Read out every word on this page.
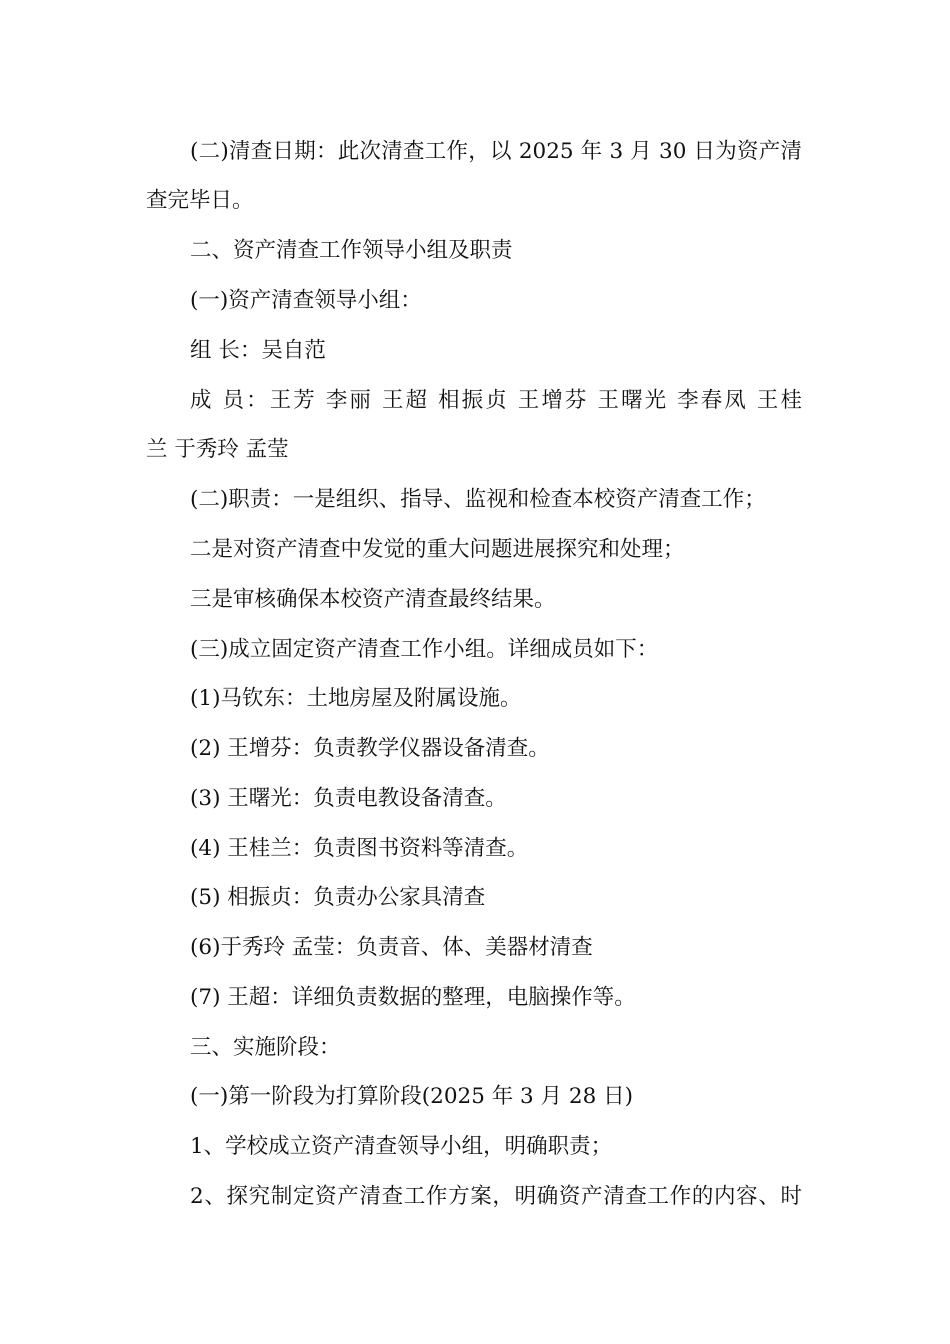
(二)清查日期：此次清查工作，以 2025 年 3 月 30 日为资产清
查完毕日。
二、资产清查工作领导小组及职责
(一)资产清查领导小组：
组 长：吴自范
成 员：王芳 李丽 王超 相振贞 王增芬 王曙光 李春凤 王桂
兰 于秀玲 孟莹
(二)职责：一是组织、指导、监视和检查本校资产清查工作；
二是对资产清查中发觉的重大问题进展探究和处理；
三是审核确保本校资产清查最终结果。
(三)成立固定资产清查工作小组。详细成员如下：
(1)马钦东：土地房屋及附属设施。
(2) 王增芬：负责教学仪器设备清查。
(3) 王曙光：负责电教设备清查。
(4) 王桂兰：负责图书资料等清查。
(5) 相振贞：负责办公家具清查
(6)于秀玲 孟莹：负责音、体、美器材清查
(7) 王超：详细负责数据的整理，电脑操作等。
三、实施阶段：
(一)第一阶段为打算阶段(2025 年 3 月 28 日)
1、学校成立资产清查领导小组，明确职责；
2、探究制定资产清查工作方案，明确资产清查工作的内容、时
